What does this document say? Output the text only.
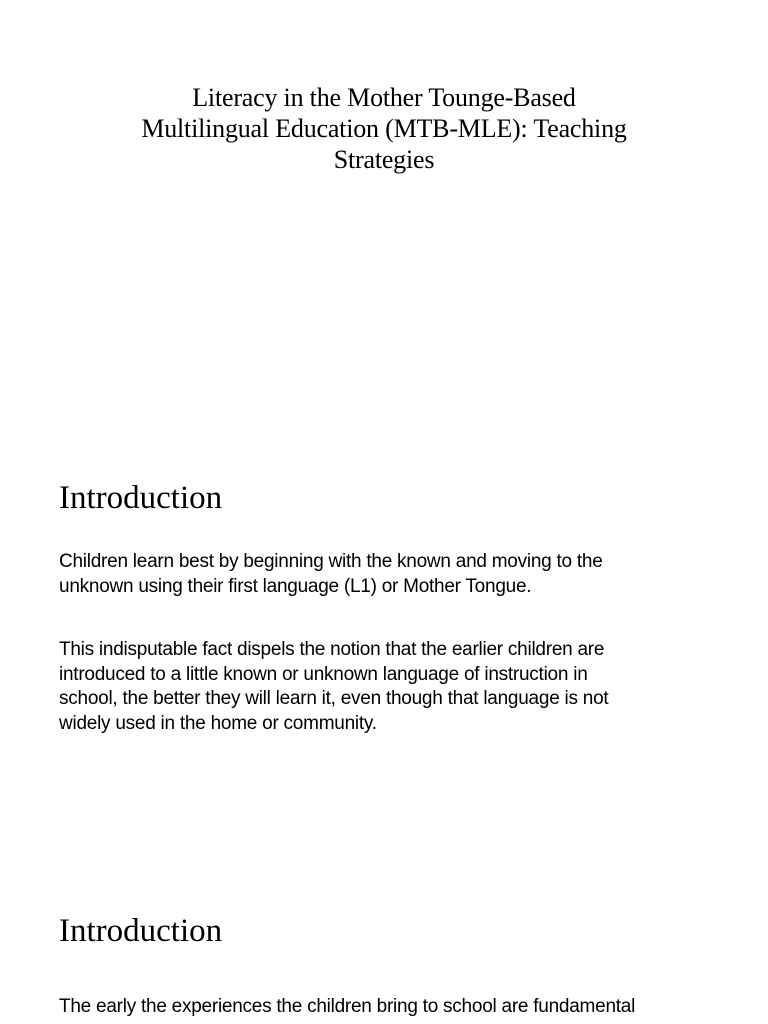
Literacy in the Mother Tounge-Based
Multilingual Education (MTB-MLE): Teaching
Strategies
Introduction

Children learn best by beginning with the known and moving to the
unknown using their first language (L1) or Mother Tongue.

This indisputable fact dispels the notion that the earlier children are
introduced to a little known or unknown language of instruction in
school, the better they will learn it, even though that language is not
widely used in the home or community.

Introduction

The early the experiences the children bring to school are fundamental
